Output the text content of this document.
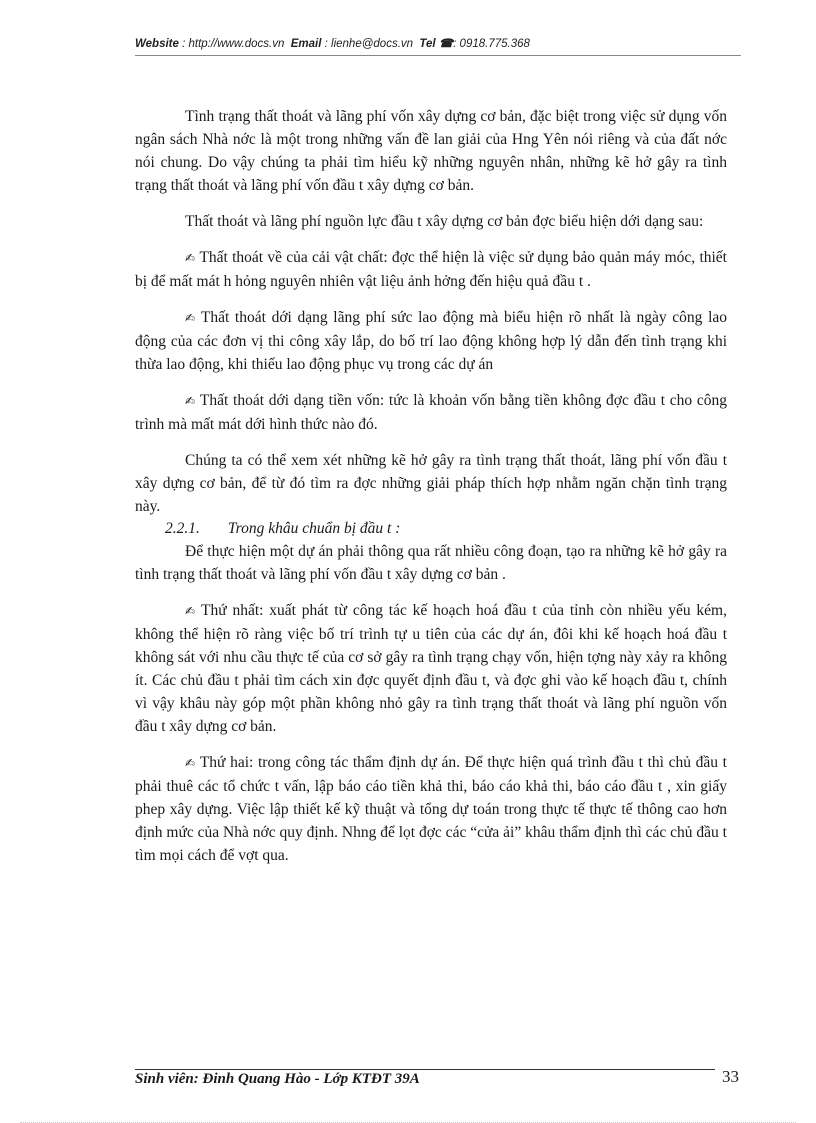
Website : http://www.docs.vn Email : lienhe@docs.vn Tel ☎: 0918.775.368

Tình trạng thất thoát và lãng phí vốn xây dựng cơ bản, đặc biệt trong việc sử dụng vốn ngân sách Nhà nớc là một trong những vấn đề lan giải của Hng Yên nói riêng và của đất nớc nói chung. Do vậy chúng ta phải tìm hiểu kỹ những nguyên nhân, những kẽ hở gây ra tình trạng thất thoát và lãng phí vốn đầu t xây dựng cơ bản.

Thất thoát và lãng phí nguồn lực đầu t xây dựng cơ bản đợc biểu hiện dới dạng sau:

✍ Thất thoát về của cải vật chất: đợc thể hiện là việc sử dụng bảo quản máy móc, thiết bị để mất mát h hỏng nguyên nhiên vật liệu ảnh hởng đến hiệu quả đầu t .

✍ Thất thoát dới dạng lãng phí sức lao động mà biểu hiện rõ nhất là ngày công lao động của các đơn vị thi công xây lắp, do bố trí lao động không hợp lý dẫn đến tình trạng khi thừa lao động, khi thiếu lao động phục vụ trong các dự án

✍ Thất thoát dới dạng tiền vốn: tức là khoản vốn bằng tiền không đợc đầu t cho công trình mà mất mát dới hình thức nào đó.

Chúng ta có thể xem xét những kẽ hở gây ra tình trạng thất thoát, lãng phí vốn đầu t xây dựng cơ bản, để từ đó tìm ra đợc những giải pháp thích hợp nhằm ngăn chặn tình trạng này.

2.2.1. Trong khâu chuẩn bị đầu t :

Để thực hiện một dự án phải thông qua rất nhiều công đoạn, tạo ra những kẽ hở gây ra tình trạng thất thoát và lãng phí vốn đầu t xây dựng cơ bản .

✍ Thứ nhất: xuất phát từ công tác kế hoạch hoá đầu t của tỉnh còn nhiều yếu kém, không thể hiện rõ ràng việc bố trí trình tự u tiên của các dự án, đôi khi kế hoạch hoá đầu t không sát với nhu cầu thực tế của cơ sở gây ra tình trạng chạy vốn, hiện tợng này xảy ra không ít. Các chủ đầu t phải tìm cách xin đợc quyết định đầu t, và đợc ghi vào kế hoạch đầu t, chính vì vậy khâu này góp một phần không nhỏ gây ra tình trạng thất thoát và lãng phí nguồn vốn đầu t xây dựng cơ bản.

✍ Thứ hai: trong công tác thẩm định dự án. Để thực hiện quá trình đầu t thì chủ đầu t phải thuê các tổ chức t vấn, lập báo cáo tiền khả thi, báo cáo khả thi, báo cáo đầu t , xin giấy phep xây dựng. Việc lập thiết kế kỹ thuật và tổng dự toán trong thực tế thực tế thông cao hơn định mức của Nhà nớc quy định. Nhng để lọt đợc các “cửa ải” khâu thẩm định thì các chủ đầu t tìm mọi cách để vợt qua.

Sinh viên: Đinh Quang Hào - Lớp KTĐT 39A	33
